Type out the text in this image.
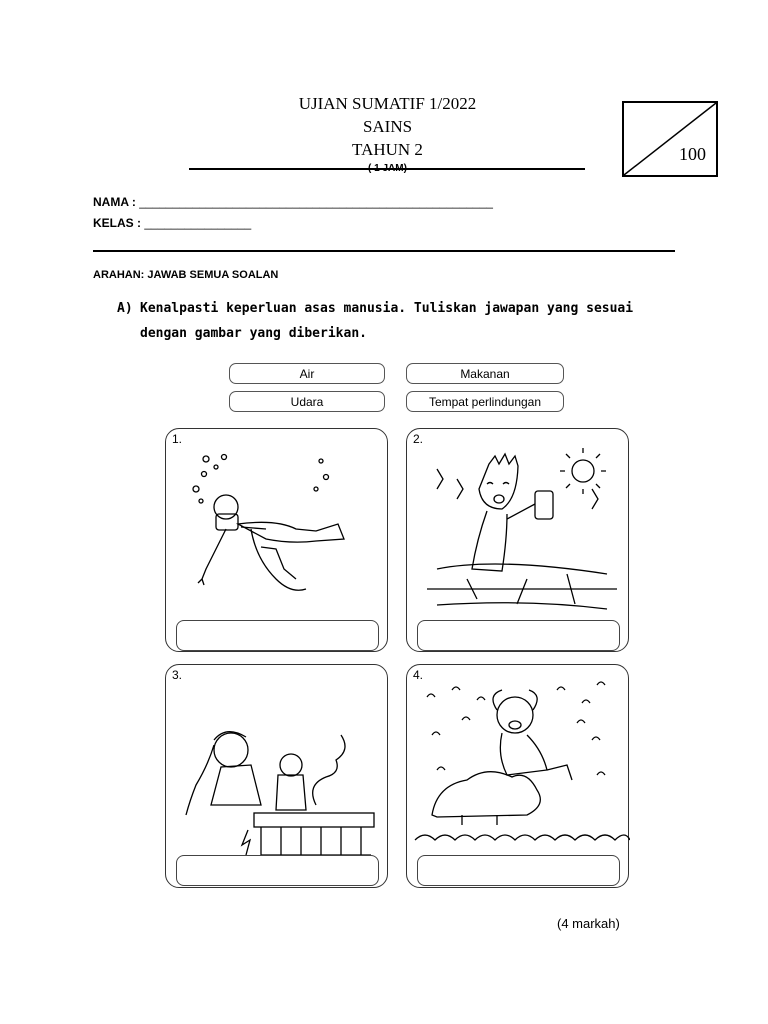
UJIAN SUMATIF 1/2022
SAINS
TAHUN 2
( 1 JAM)
100
NAMA : _____________________________________________________
KELAS : ________________
ARAHAN: JAWAB SEMUA SOALAN
A) Kenalpasti keperluan asas manusia. Tuliskan jawapan yang sesuai
dengan gambar yang diberikan.
Air	Makanan
Udara	Tempat perlindungan
1.	2.
3.	4.
(4 markah)
